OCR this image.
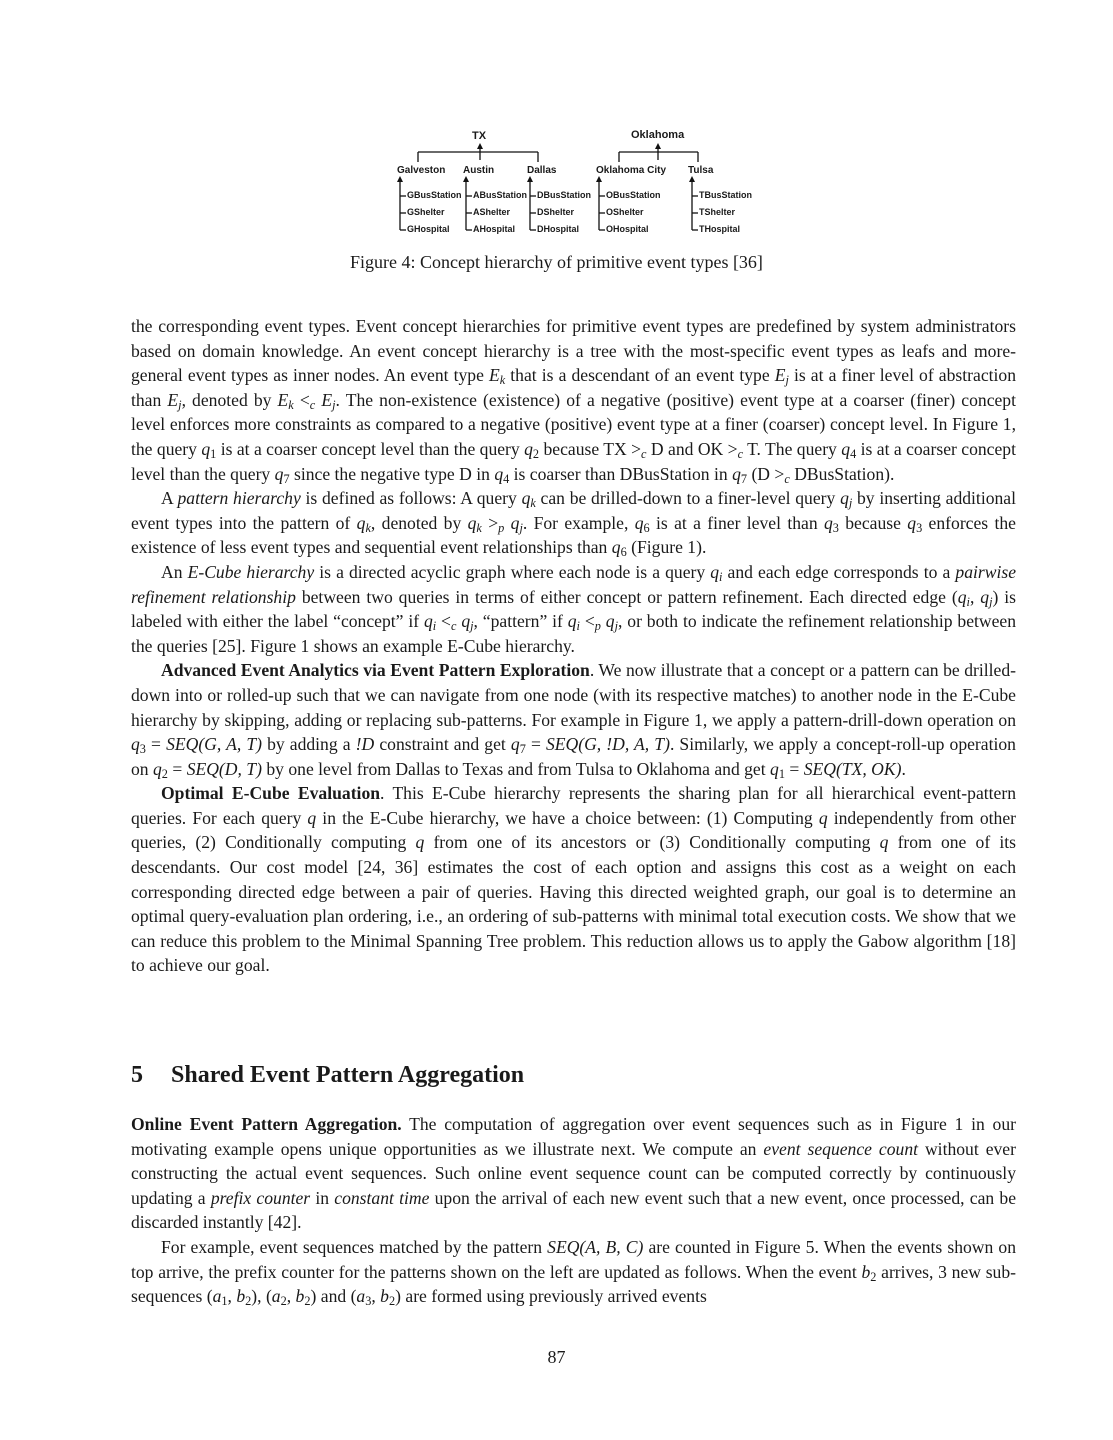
TX	Oklahoma
Galveston Austin	Dallas	Oklahoma City Tulsa
GBusStation
GShelter
GHospital
ABusStation
AShelter
AHospital
DBusStation
DShelter
DHospital
OBusStation
OShelter
OHospital
TBusStation
TShelter
THospital
Figure 4: Concept hierarchy of primitive event types [36]

the corresponding event types. Event concept hierarchies for primitive event types are predefined by system administrators based on domain knowledge. An event concept hierarchy is a tree with the most-specific event types as leafs and more-general event types as inner nodes. An event type $E_k$ that is a descendant of an event type $E_j$ is at a finer level of abstraction than $E_j$, denoted by $E_k <_c$ $E_j$. The non-existence (existence) of a negative (positive) event type at a coarser (finer) concept level enforces more constraints as compared to a negative (positive) event type at a finer (coarser) concept level. In Figure 1, the query $q_1$ is at a coarser concept level than the query $q_2$ because TX $>_c$ D and OK $>_c$ T. The query $q_4$ is at a coarser concept level than the query $q_7$ since the negative type D in $q_4$ is coarser than DBusStation in $q_7$ ($D >_c$ DBusStation).

A pattern hierarchy is defined as follows: A query $q_k$ can be drilled-down to a finer-level query $q_j$ by inserting additional event types into the pattern of $q_k$, denoted by $q_k >_p$ $q_j$. For example, $q_6$ is at a finer level than $q_3$ because $q_3$ enforces the existence of less event types and sequential event relationships than $q_6$ (Figure 1).

An E-Cube hierarchy is a directed acyclic graph where each node is a query $q_i$ and each edge corresponds to a pairwise refinement relationship between two queries in terms of either concept or pattern refinement. Each directed edge ($q_i$, $q_j$) is labeled with either the label “concept” if $q_i <_c$ $q_j$, “pattern” if $q_i <_p$ $q_j$, or both to indicate the refinement relationship between the queries [25]. Figure 1 shows an example E-Cube hierarchy.

Advanced Event Analytics via Event Pattern Exploration. We now illustrate that a concept or a pattern can be drilled-down into or rolled-up such that we can navigate from one node (with its respective matches) to another node in the E-Cube hierarchy by skipping, adding or replacing sub-patterns. For example in Figure 1, we apply a pattern-drill-down operation on $q_3 = SEQ(G$, A, T) by adding a !D constraint and get $q_7 = SEQ(G$, !D, A, T). Similarly, we apply a concept-roll-up operation on $q_2 = SEQ(D$, T) by one level from Dallas to Texas and from Tulsa to Oklahoma and get $q_1 = SEQ(TX$, OK).

Optimal E-Cube Evaluation. This E-Cube hierarchy represents the sharing plan for all hierarchical event-pattern queries. For each query q in the E-Cube hierarchy, we have a choice between: (1) Computing q independently from other queries, (2) Conditionally computing q from one of its ancestors or (3) Conditionally computing q from one of its descendants. Our cost model [24, 36] estimates the cost of each option and assigns this cost as a weight on each corresponding directed edge between a pair of queries. Having this directed weighted graph, our goal is to determine an optimal query-evaluation plan ordering, i.e., an ordering of sub-patterns with minimal total execution costs. We show that we can reduce this problem to the Minimal Spanning Tree problem. This reduction allows us to apply the Gabow algorithm [18] to achieve our goal.

5 Shared Event Pattern Aggregation

Online Event Pattern Aggregation. The computation of aggregation over event sequences such as in Figure 1 in our motivating example opens unique opportunities as we illustrate next. We compute an event sequence count without ever constructing the actual event sequences. Such online event sequence count can be computed correctly by continuously updating a prefix counter in constant time upon the arrival of each new event such that a new event, once processed, can be discarded instantly [42].

For example, event sequences matched by the pattern SEQ(A, B, C) are counted in Figure 5. When the events shown on top arrive, the prefix counter for the patterns shown on the left are updated as follows. When the event $b_2$ arrives, 3 new sub-sequences ($a_1$, $b_2$), ($a_2$, $b_2$) and ($a_3$, $b_2$) are formed using previously arrived events

87
